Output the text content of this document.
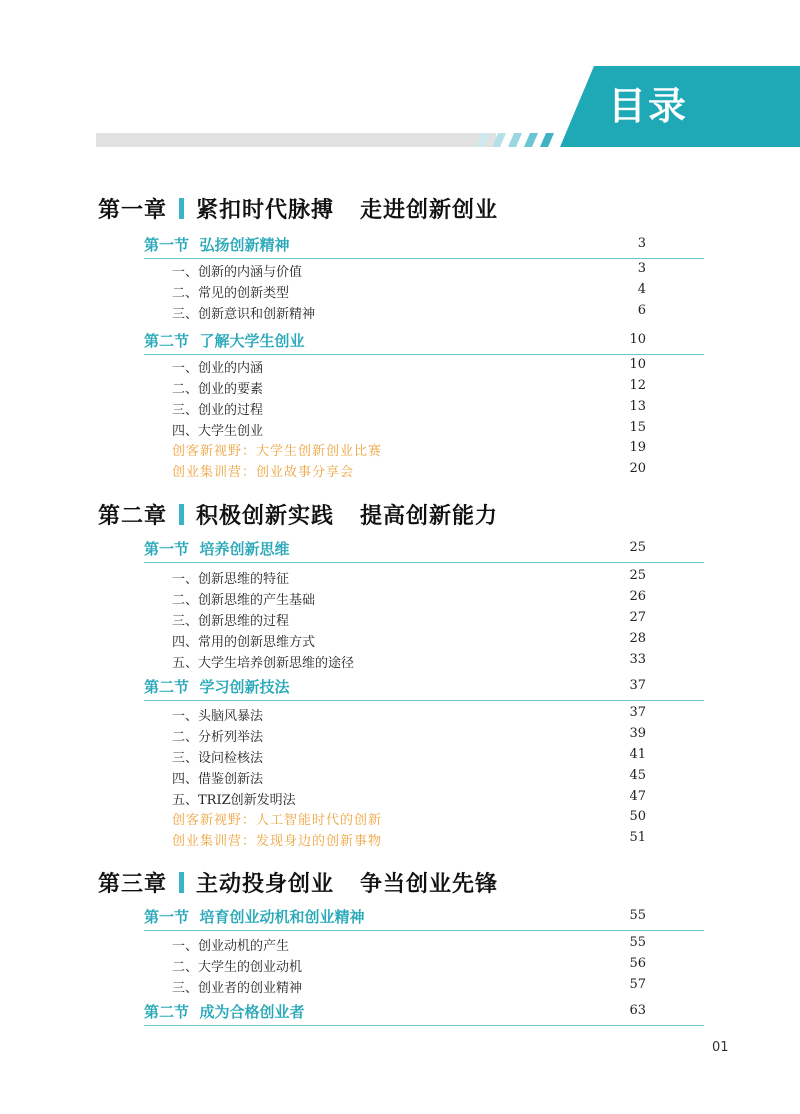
目录
第一章 紧扣时代脉搏   走进创新创业
第一节  弘扬创新精神	3
一、创新的内涵与价值	3
二、常见的创新类型	4
三、创新意识和创新精神	6
第二节  了解大学生创业	10
一、创业的内涵	10
二、创业的要素	12
三、创业的过程	13
四、大学生创业	15
创客新视野：大学生创新创业比赛	19
创业集训营：创业故事分享会	20
第二章 积极创新实践   提高创新能力
第一节  培养创新思维	25
一、创新思维的特征	25
二、创新思维的产生基础	26
三、创新思维的过程	27
四、常用的创新思维方式	28
五、大学生培养创新思维的途径	33
第二节  学习创新技法	37
一、头脑风暴法	37
二、分析列举法	39
三、设问检核法	41
四、借鉴创新法	45
五、TRIZ创新发明法	47
创客新视野：人工智能时代的创新	50
创业集训营：发现身边的创新事物	51
第三章 主动投身创业   争当创业先锋
第一节  培育创业动机和创业精神	55
一、创业动机的产生	55
二、大学生的创业动机	56
三、创业者的创业精神	57
第二节  成为合格创业者	63
01
